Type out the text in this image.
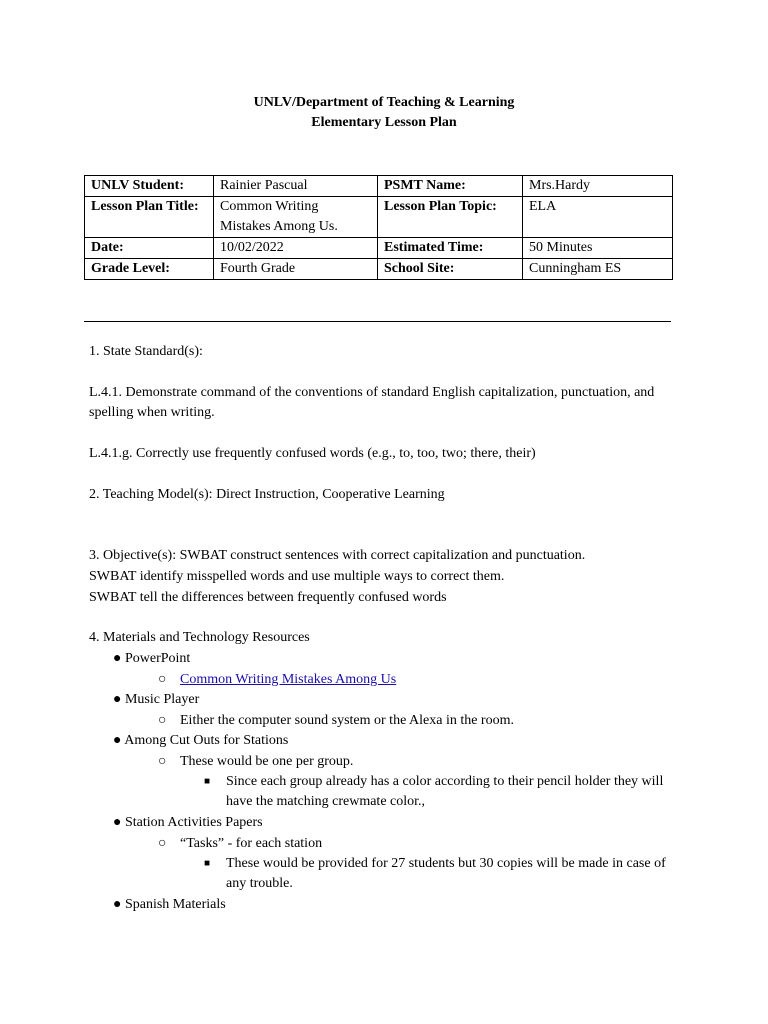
UNLV/Department of Teaching & Learning
Elementary Lesson Plan
UNLV Student:	Rainier Pascual	PSMT Name:	Mrs.Hardy
Lesson Plan Title:	Common Writing Mistakes Among Us.	Lesson Plan Topic:	ELA
Date:	10/02/2022	Estimated Time:	50 Minutes
Grade Level:	Fourth Grade	School Site:	Cunningham ES
1. State Standard(s):
L.4.1. Demonstrate command of the conventions of standard English capitalization, punctuation, and spelling when writing.
L.4.1.g. Correctly use frequently confused words (e.g., to, too, two; there, their)
2. Teaching Model(s): Direct Instruction, Cooperative Learning
3. Objective(s): SWBAT construct sentences with correct capitalization and punctuation.
SWBAT identify misspelled words and use multiple ways to correct them.
SWBAT tell the differences between frequently confused words
4. Materials and Technology Resources
● PowerPoint
○ Common Writing Mistakes Among Us
● Music Player
○ Either the computer sound system or the Alexa in the room.
● Among Cut Outs for Stations
○ These would be one per group.
■	Since each group already has a color according to their pencil holder they will have the matching crewmate color.,
● Station Activities Papers
○ “Tasks” - for each station
■	These would be provided for 27 students but 30 copies will be made in case of any trouble.
● Spanish Materials
